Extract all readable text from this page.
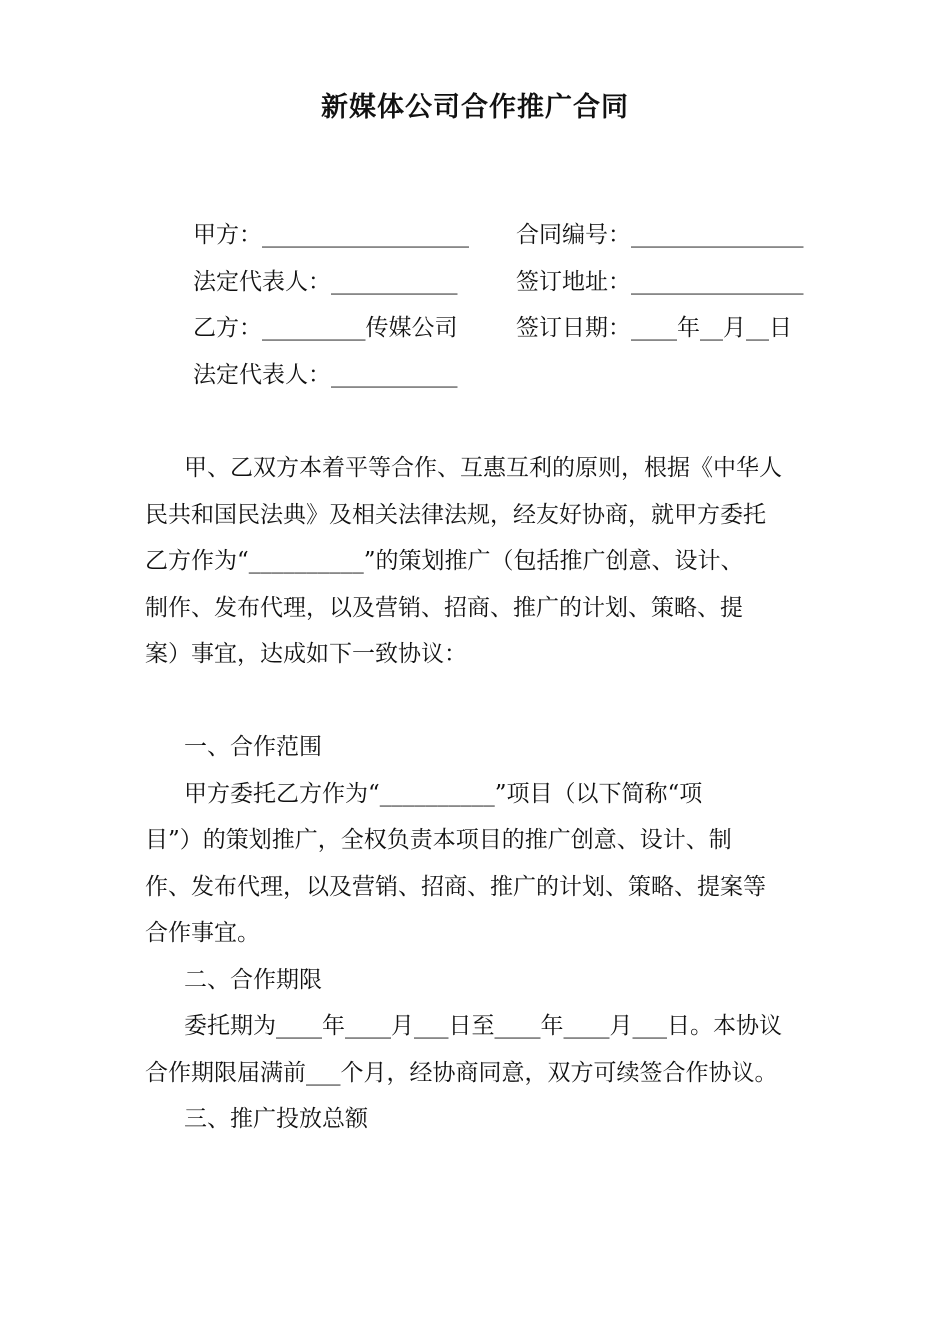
新媒体公司合作推广合同
甲方：__________________ 合同编号：_______________
法定代表人：___________	签订地址：_______________
乙方：_________传媒公司	签订日期：____年__月__日
法定代表人：___________
甲、乙双方本着平等合作、互惠互利的原则，根据《中华人
民共和国民法典》及相关法律法规，经友好协商，就甲方委托
乙方作为“__________”的策划推广（包括推广创意、设计、
制作、发布代理，以及营销、招商、推广的计划、策略、提
案）事宜，达成如下一致协议：
一、合作范围
甲方委托乙方作为“__________”项目（以下简称“项
目”）的策划推广，全权负责本项目的推广创意、设计、制
作、发布代理，以及营销、招商、推广的计划、策略、提案等
合作事宜。
二、合作期限
委托期为____年____月___日至____年____月___日。本协议
合作期限届满前___个月，经协商同意，双方可续签合作协议。
三、推广投放总额
